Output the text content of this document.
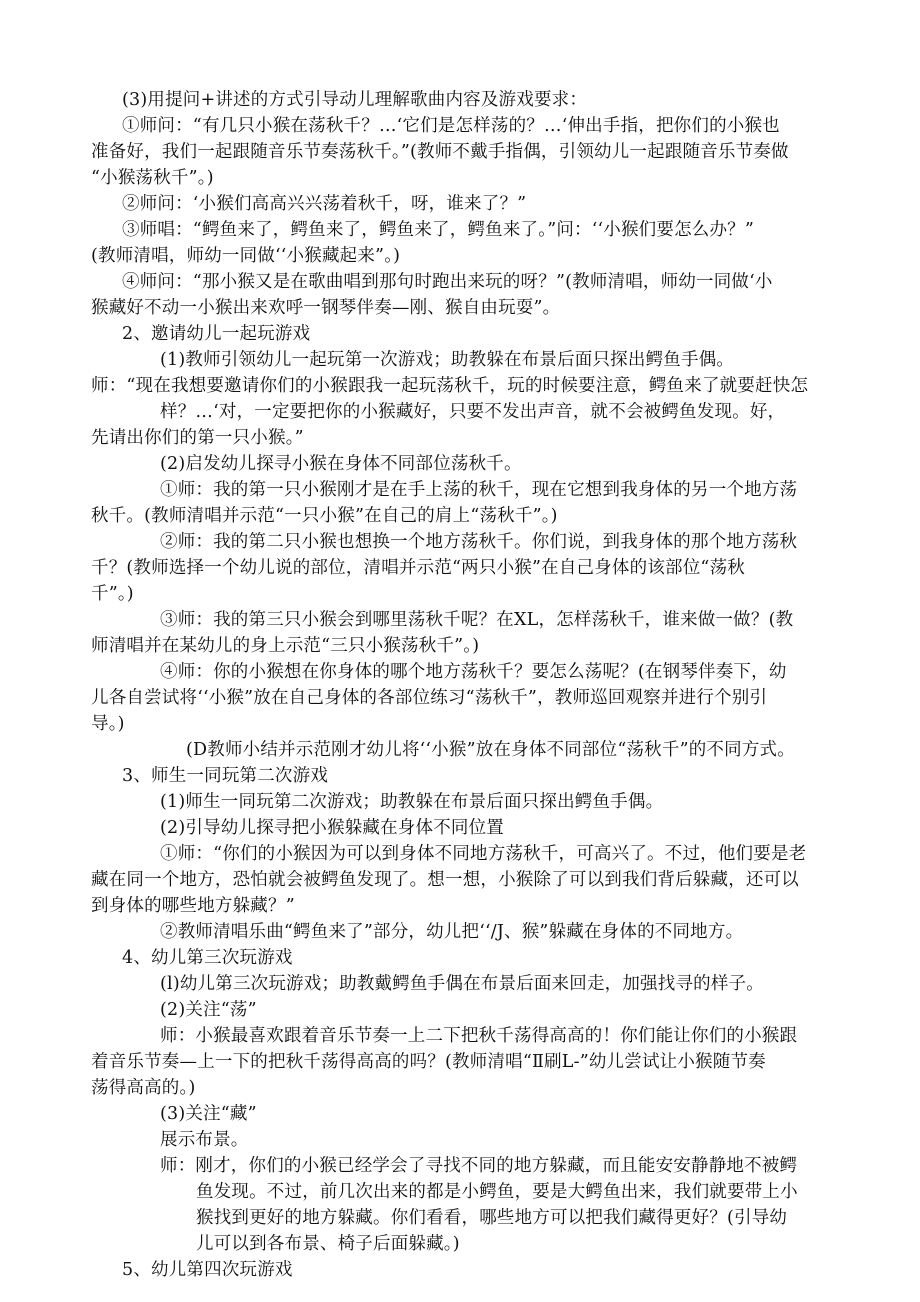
(3)用提问+讲述的方式引导动儿理解歌曲内容及游戏要求：
①师问：“有几只小猴在荡秋千？…‘它们是怎样荡的？…‘伸出手指，把你们的小猴也
准备好，我们一起跟随音乐节奏荡秋千。”(教师不戴手指偶，引领幼儿一起跟随音乐节奏做
“小猴荡秋千”。)
②师问：‘小猴们高高兴兴荡着秋千，呀，谁来了？”
③师唱：“鳄鱼来了，鳄鱼来了，鳄鱼来了，鳄鱼来了。”问：‘‘小猴们要怎么办？”
(教师清唱，师幼一同做‘‘小猴藏起来”。)
④师问：“那小猴又是在歌曲唱到那句时跑出来玩的呀？”(教师清唱，师幼一同做‘小
猴藏好不动一小猴出来欢呼一钢琴伴奏—刚、猴自由玩耍”。
2、邀请幼儿一起玩游戏
(1)教师引领幼儿一起玩第一次游戏；助教躲在布景后面只探出鳄鱼手偶。
师：“现在我想要邀请你们的小猴跟我一起玩荡秋千，玩的时候要注意，鳄鱼来了就要赶快怎
样？…‘对，一定要把你的小猴藏好，只要不发出声音，就不会被鳄鱼发现。好，
先请出你们的第一只小猴。”
(2)启发幼儿探寻小猴在身体不同部位荡秋千。
①师：我的第一只小猴刚才是在手上荡的秋千，现在它想到我身体的另一个地方荡
秋千。(教师清唱并示范“一只小猴”在自己的肩上“荡秋千”。)
②师：我的第二只小猴也想换一个地方荡秋千。你们说，到我身体的那个地方荡秋
千？(教师选择一个幼儿说的部位，清唱并示范“两只小猴”在自己身体的该部位“荡秋
千”。)
③师：我的第三只小猴会到哪里荡秋千呢？在XL，怎样荡秋千，谁来做一做？(教
师清唱并在某幼儿的身上示范“三只小猴荡秋千”。)
④师：你的小猴想在你身体的哪个地方荡秋千？要怎么荡呢？(在钢琴伴奏下，幼
儿各自尝试将‘‘小猴”放在自己身体的各部位练习“荡秋千”，教师巡回观察并进行个别引
导。)
(D教师小结并示范刚才幼儿将‘‘小猴”放在身体不同部位“荡秋千”的不同方式。
3、师生一同玩第二次游戏
(1)师生一同玩第二次游戏；助教躲在布景后面只探出鳄鱼手偶。
(2)引导幼儿探寻把小猴躲藏在身体不同位置
①师：“你们的小猴因为可以到身体不同地方荡秋千，可高兴了。不过，他们要是老
藏在同一个地方，恐怕就会被鳄鱼发现了。想一想，小猴除了可以到我们背后躲藏，还可以
到身体的哪些地方躲藏？”
②教师清唱乐曲“鳄鱼来了”部分，幼儿把‘‘/J、猴”躲藏在身体的不同地方。
4、幼儿第三次玩游戏
(l)幼儿第三次玩游戏；助教戴鳄鱼手偶在布景后面来回走，加强找寻的样子。
(2)关注“荡”
师：小猴最喜欢跟着音乐节奏一上二下把秋千荡得高高的！你们能让你们的小猴跟
着音乐节奏—上一下的把秋千荡得高高的吗？(教师清唱“Ⅱ刷L-”幼儿尝试让小猴随节奏
荡得高高的。)
(3)关注“藏”
展示布景。
师：刚才，你们的小猴已经学会了寻找不同的地方躲藏，而且能安安静静地不被鳄
鱼发现。不过，前几次出来的都是小鳄鱼，要是大鳄鱼出来，我们就要带上小
猴找到更好的地方躲藏。你们看看，哪些地方可以把我们藏得更好？(引导幼
儿可以到各布景、椅子后面躲藏。)
5、幼儿第四次玩游戏
